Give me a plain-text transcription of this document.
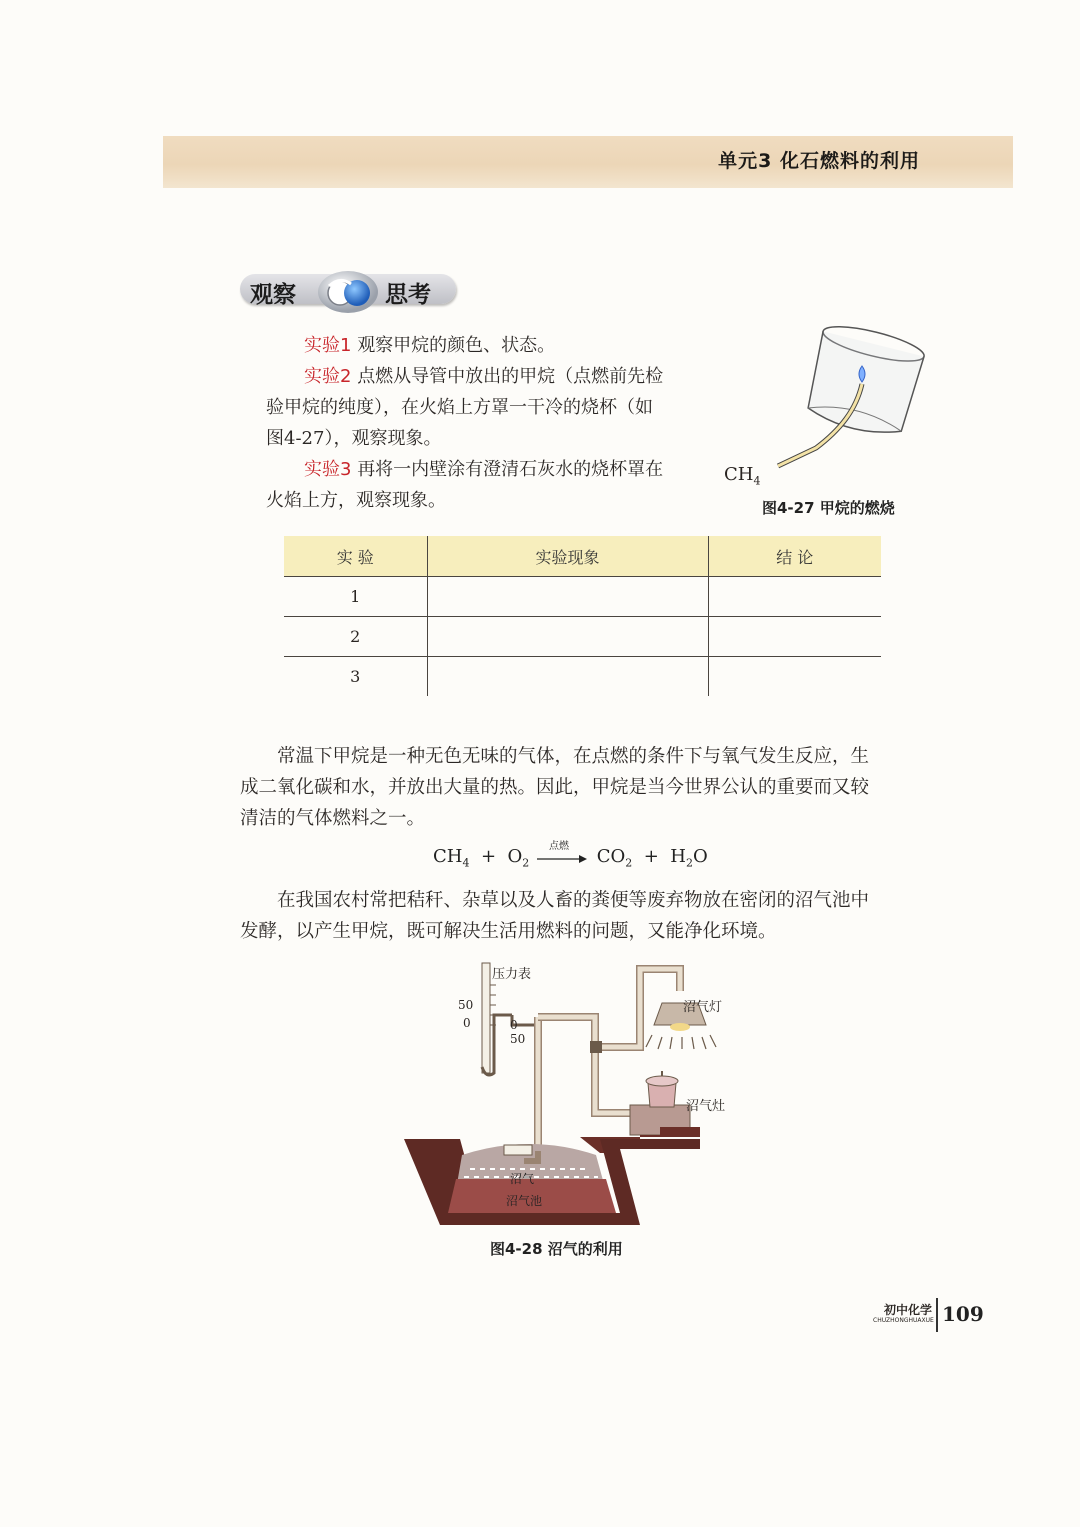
单元3 化石燃料的利用
观察	思考
实验1 观察甲烷的颜色、状态。
实验2 点燃从导管中放出的甲烷（点燃前先检
验甲烷的纯度），在火焰上方罩一干冷的烧杯（如
图4-27），观察现象。
实验3 再将一内壁涂有澄清石灰水的烧杯罩在
火焰上方，观察现象。
$CH_4$
图4-27 甲烷的燃烧
实 验	实验现象	结 论
1		
2		
3		
常温下甲烷是一种无色无味的气体，在点燃的条件下与氧气发生反应，生
成二氧化碳和水，并放出大量的热。因此，甲烷是当今世界公认的重要而又较
清洁的气体燃料之一。
$CH_4 + O_2$
点燃 $CO_2 + H_2O$
在我国农村常把秸秆、杂草以及人畜的粪便等废弃物放在密闭的沼气池中
发酵，以产生甲烷，既可解决生活用燃料的问题，又能净化环境。
压力表
沼气灯
沼气灶
沼气
沼气池
50
0	0
50
图4-28 沼气的利用
初中化学
CHUZHONGHUAXUE 109
